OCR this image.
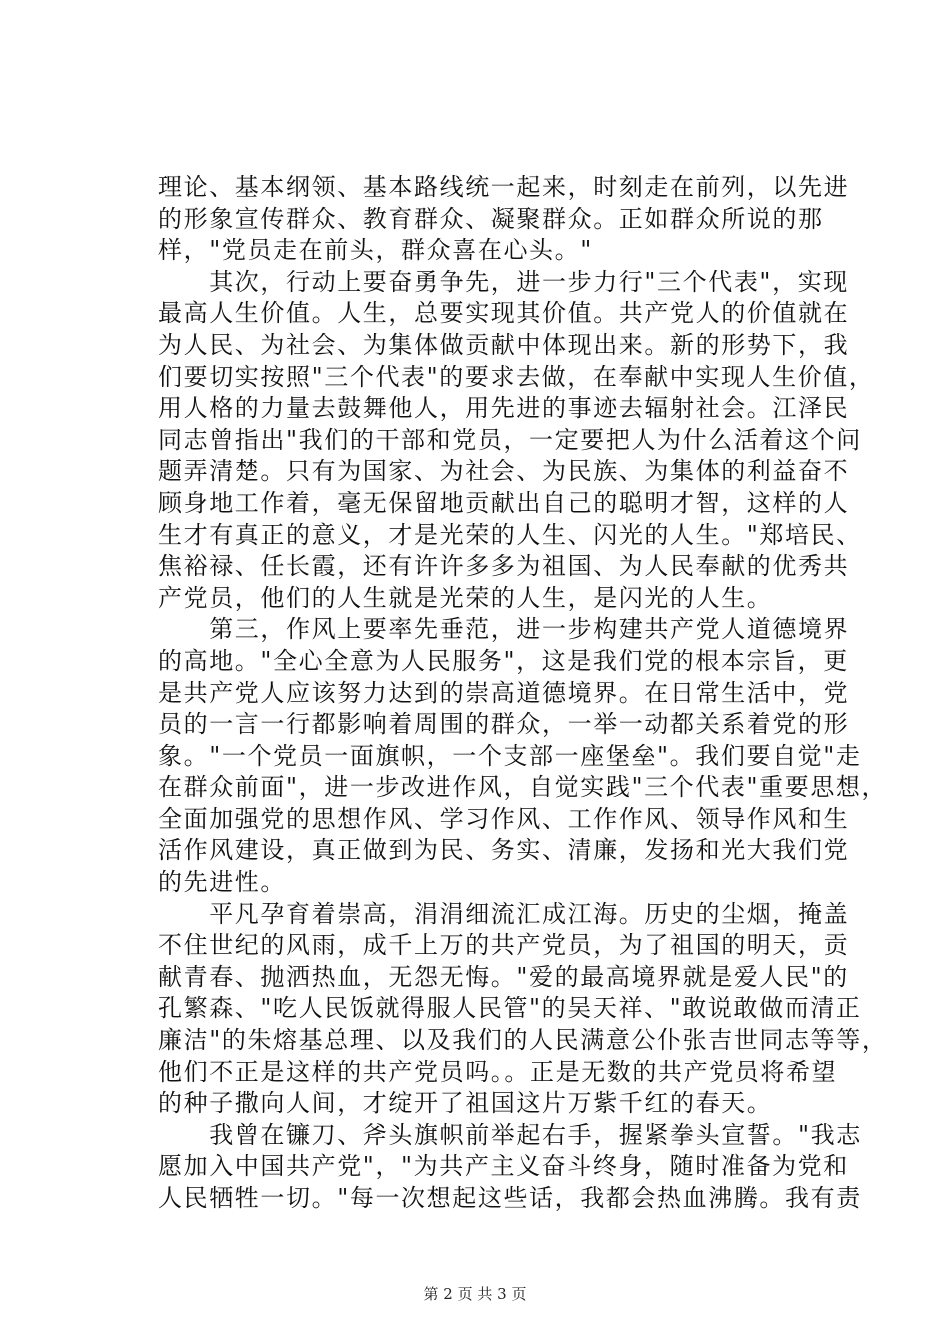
理论、基本纲领、基本路线统一起来，时刻走在前列，以先进
的形象宣传群众、教育群众、凝聚群众。正如群众所说的那
样，"党员走在前头，群众喜在心头。"
　　其次，行动上要奋勇争先，进一步力行"三个代表"，实现
最高人生价值。人生，总要实现其价值。共产党人的价值就在
为人民、为社会、为集体做贡献中体现出来。新的形势下，我
们要切实按照"三个代表"的要求去做，在奉献中实现人生价值，
用人格的力量去鼓舞他人，用先进的事迹去辐射社会。江泽民
同志曾指出"我们的干部和党员，一定要把人为什么活着这个问
题弄清楚。只有为国家、为社会、为民族、为集体的利益奋不
顾身地工作着，毫无保留地贡献出自己的聪明才智，这样的人
生才有真正的意义，才是光荣的人生、闪光的人生。"郑培民、
焦裕禄、任长霞，还有许许多多为祖国、为人民奉献的优秀共
产党员，他们的人生就是光荣的人生，是闪光的人生。
　　第三，作风上要率先垂范，进一步构建共产党人道德境界
的高地。"全心全意为人民服务"，这是我们党的根本宗旨，更
是共产党人应该努力达到的崇高道德境界。在日常生活中，党
员的一言一行都影响着周围的群众，一举一动都关系着党的形
象。"一个党员一面旗帜，一个支部一座堡垒"。我们要自觉"走
在群众前面"，进一步改进作风，自觉实践"三个代表"重要思想，
全面加强党的思想作风、学习作风、工作作风、领导作风和生
活作风建设，真正做到为民、务实、清廉，发扬和光大我们党
的先进性。
　　平凡孕育着崇高，涓涓细流汇成江海。历史的尘烟，掩盖
不住世纪的风雨，成千上万的共产党员，为了祖国的明天，贡
献青春、抛洒热血，无怨无悔。"爱的最高境界就是爱人民"的
孔繁森、"吃人民饭就得服人民管"的吴天祥、"敢说敢做而清正
廉洁"的朱熔基总理、以及我们的人民满意公仆张吉世同志等等，
他们不正是这样的共产党员吗。。正是无数的共产党员将希望
的种子撒向人间，才绽开了祖国这片万紫千红的春天。
　　我曾在镰刀、斧头旗帜前举起右手，握紧拳头宣誓。"我志
愿加入中国共产党"，"为共产主义奋斗终身，随时准备为党和
人民牺牲一切。"每一次想起这些话，我都会热血沸腾。我有责
第 2 页 共 3 页
